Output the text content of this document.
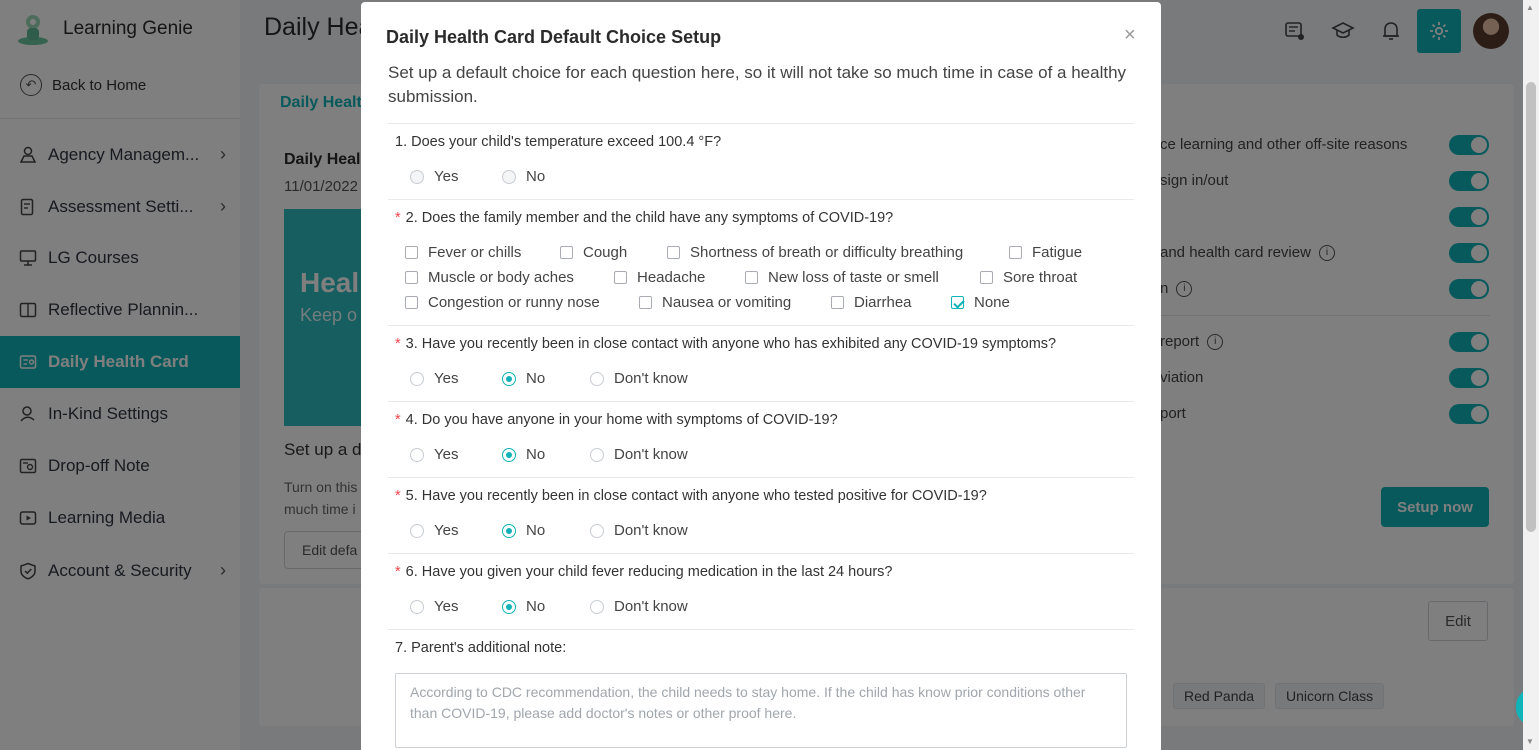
▲
▼
Daily Health Card Default Choice Setup	×
Set up a default choice for each question here, so it will not take so much time in case of a healthy submission.
1. Does your child's temperature exceed 100.4 °F?
Yes	No
* 2. Does the family member and the child have any symptoms of COVID-19?
Fever or chills	Cough	Shortness of breath or difficulty breathing	Fatigue
Muscle or body aches	Headache	New loss of taste or smell	Sore throat
Congestion or runny nose	Nausea or vomiting	Diarrhea	None
* 3. Have you recently been in close contact with anyone who has exhibited any COVID-19 symptoms?
Yes	No	Don't know
* 4. Do you have anyone in your home with symptoms of COVID-19?
Yes	No	Don't know
* 5. Have you recently been in close contact with anyone who tested positive for COVID-19?
Yes	No	Don't know
* 6. Have you given your child fever reducing medication in the last 24 hours?
Yes	No	Don't know
7. Parent's additional note:
According to CDC recommendation, the child needs to stay home. If the child has know prior conditions other than COVID-19, please add doctor's notes or other proof here.
